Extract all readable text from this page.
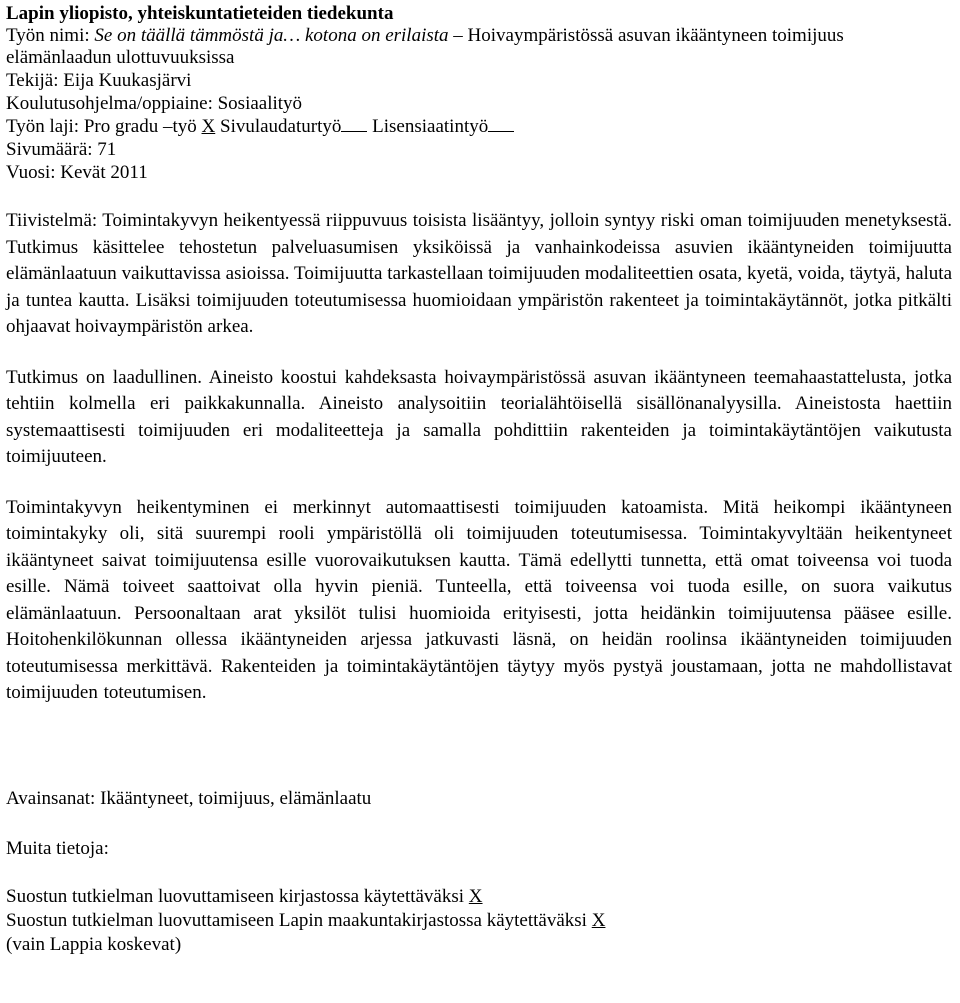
Lapin yliopisto, yhteiskuntatieteiden tiedekunta

Työn nimi: Se on täällä tämmöstä ja… kotona on erilaista – Hoivaympäristössä asuvan ikääntyneen toimijuus elämänlaadun ulottuvuuksissa

Tekijä: Eija Kuukasjärvi

Koulutusohjelma/oppiaine: Sosiaalityö

Työn laji: Pro gradu –työ X Sivulaudaturtyö Lisensiaatintyö

Sivumäärä: 71

Vuosi: Kevät 2011

Tiivistelmä: Toimintakyvyn heikentyessä riippuvuus toisista lisääntyy, jolloin syntyy riski oman toimijuuden menetyksestä. Tutkimus käsittelee tehostetun palveluasumisen yksiköissä ja vanhainkodeissa asuvien ikääntyneiden toimijuutta elämänlaatuun vaikuttavissa asioissa. Toimijuutta tarkastellaan toimijuuden modaliteettien osata, kyetä, voida, täytyä, haluta ja tuntea kautta. Lisäksi toimijuuden toteutumisessa huomioidaan ympäristön rakenteet ja toimintakäytännöt, jotka pitkälti ohjaavat hoivaympäristön arkea.

Tutkimus on laadullinen. Aineisto koostui kahdeksasta hoivaympäristössä asuvan ikääntyneen teemahaastattelusta, jotka tehtiin kolmella eri paikkakunnalla. Aineisto analysoitiin teorialähtöisellä sisällönanalyysilla. Aineistosta haettiin systemaattisesti toimijuuden eri modaliteetteja ja samalla pohdittiin rakenteiden ja toimintakäytäntöjen vaikutusta toimijuuteen.

Toimintakyvyn heikentyminen ei merkinnyt automaattisesti toimijuuden katoamista. Mitä heikompi ikääntyneen toimintakyky oli, sitä suurempi rooli ympäristöllä oli toimijuuden toteutumisessa. Toimintakyvyltään heikentyneet ikääntyneet saivat toimijuutensa esille vuorovaikutuksen kautta. Tämä edellytti tunnetta, että omat toiveensa voi tuoda esille. Nämä toiveet saattoivat olla hyvin pieniä. Tunteella, että toiveensa voi tuoda esille, on suora vaikutus elämänlaatuun. Persoonaltaan arat yksilöt tulisi huomioida erityisesti, jotta heidänkin toimijuutensa pääsee esille. Hoitohenkilökunnan ollessa ikääntyneiden arjessa jatkuvasti läsnä, on heidän roolinsa ikääntyneiden toimijuuden toteutumisessa merkittävä. Rakenteiden ja toimintakäytäntöjen täytyy myös pystyä joustamaan, jotta ne mahdollistavat toimijuuden toteutumisen.

Avainsanat: Ikääntyneet, toimijuus, elämänlaatu

Muita tietoja:

Suostun tutkielman luovuttamiseen kirjastossa käytettäväksi X

Suostun tutkielman luovuttamiseen Lapin maakuntakirjastossa käytettäväksi X

(vain Lappia koskevat)
